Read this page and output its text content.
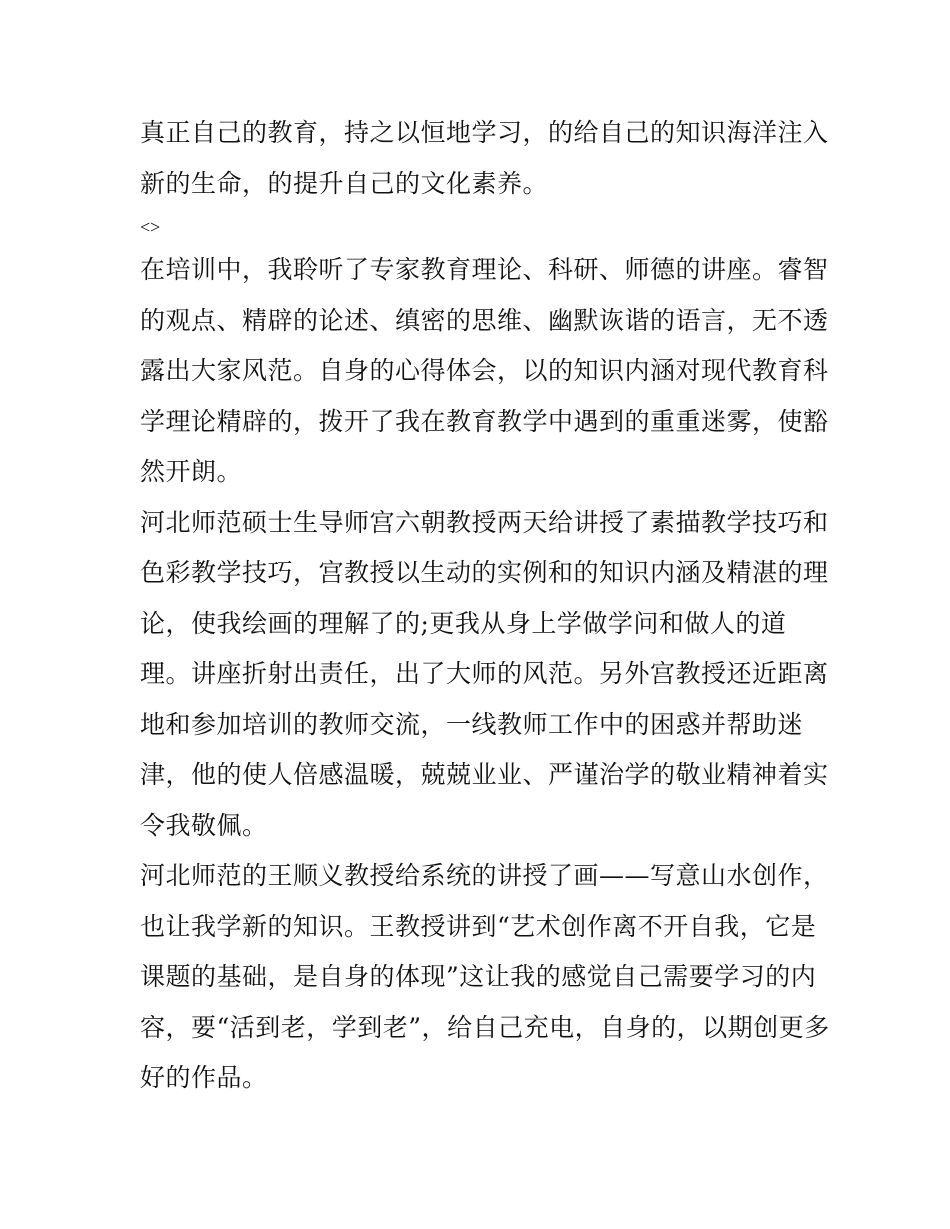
真正自己的教育，持之以恒地学习，的给自己的知识海洋注入
新的生命，的提升自己的文化素养。
<>
在培训中，我聆听了专家教育理论、科研、师德的讲座。睿智
的观点、精辟的论述、缜密的思维、幽默诙谐的语言，无不透
露出大家风范。自身的心得体会，以的知识内涵对现代教育科
学理论精辟的，拨开了我在教育教学中遇到的重重迷雾，使豁
然开朗。
河北师范硕士生导师宫六朝教授两天给讲授了素描教学技巧和
色彩教学技巧，宫教授以生动的实例和的知识内涵及精湛的理
论，使我绘画的理解了的;更我从身上学做学问和做人的道
理。讲座折射出责任，出了大师的风范。另外宫教授还近距离
地和参加培训的教师交流，一线教师工作中的困惑并帮助迷
津，他的使人倍感温暖，兢兢业业、严谨治学的敬业精神着实
令我敬佩。
河北师范的王顺义教授给系统的讲授了画——写意山水创作，
也让我学新的知识。王教授讲到“艺术创作离不开自我，它是
课题的基础，是自身的体现”这让我的感觉自己需要学习的内
容，要“活到老，学到老”，给自己充电，自身的，以期创更多
好的作品。
